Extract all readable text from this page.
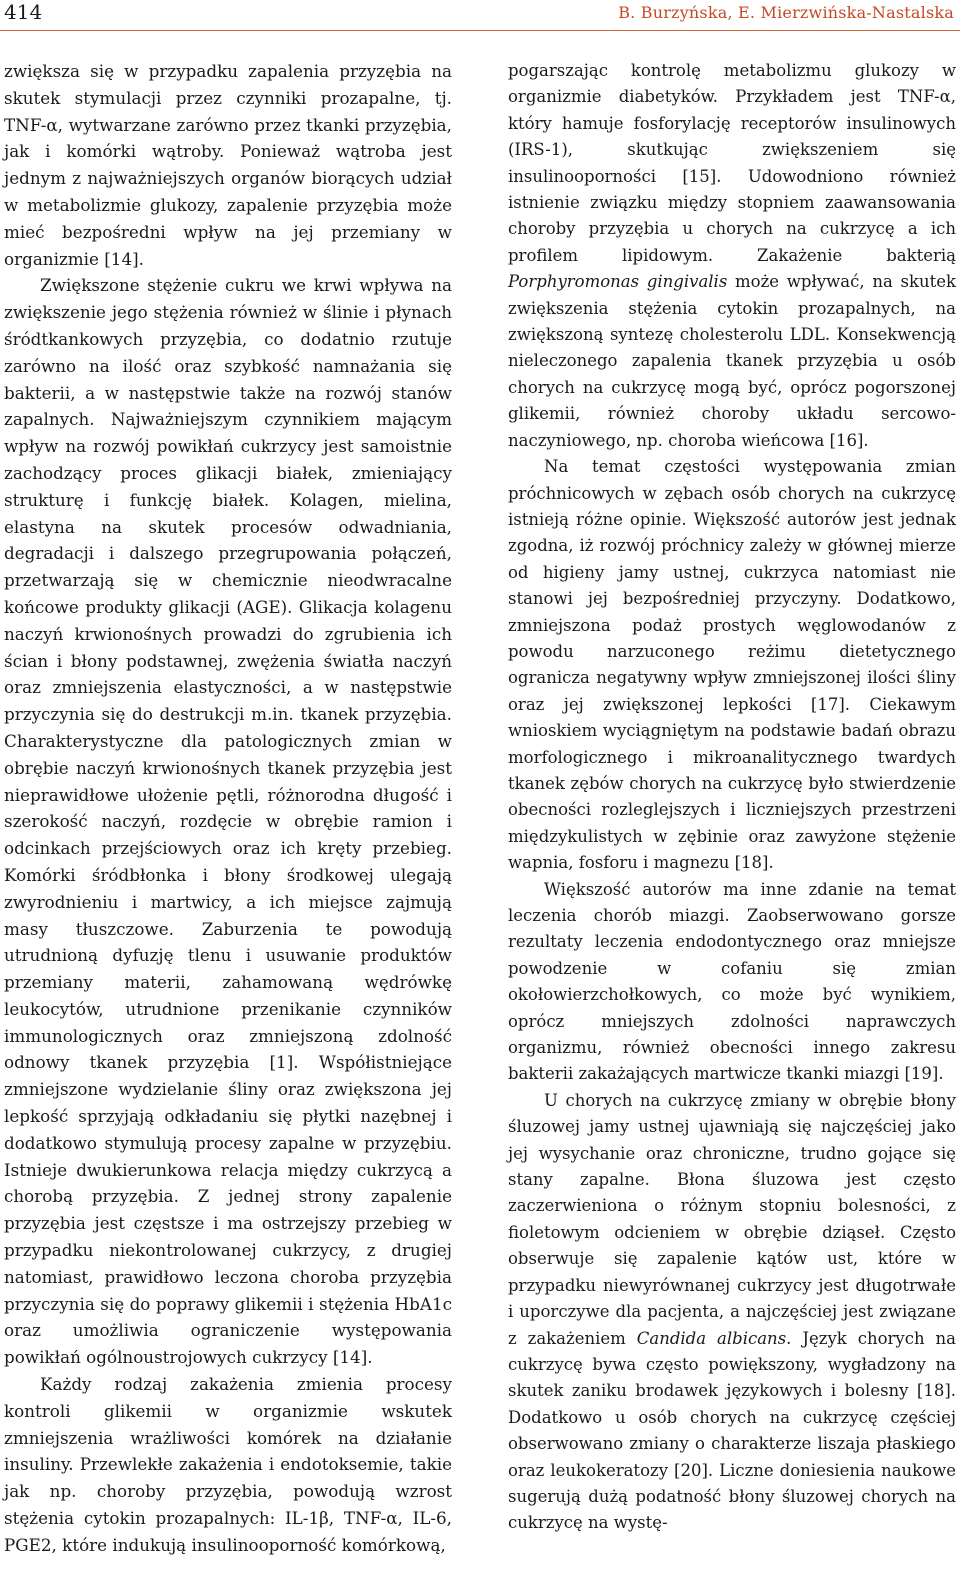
414	B. Burzyńska, E. Mierzwińska-Nastalska

zwiększa się w przypadku zapalenia przyzębia na skutek stymulacji przez czynniki prozapalne, tj. TNF-α, wytwarzane zarówno przez tkanki przyzębia, jak i komórki wątroby. Ponieważ wątroba jest jednym z najważniejszych organów biorących udział w metabolizmie glukozy, zapalenie przyzębia może mieć bezpośredni wpływ na jej przemiany w organizmie [14].

Zwiększone stężenie cukru we krwi wpływa na zwiększenie jego stężenia również w ślinie i płynach śródtkankowych przyzębia, co dodatnio rzutuje zarówno na ilość oraz szybkość namnażania się bakterii, a w następstwie także na rozwój stanów zapalnych. Najważniejszym czynnikiem mającym wpływ na rozwój powikłań cukrzycy jest samoistnie zachodzący proces glikacji białek, zmieniający strukturę i funkcję białek. Kolagen, mielina, elastyna na skutek procesów odwadniania, degradacji i dalszego przegrupowania połączeń, przetwarzają się w chemicznie nieodwracalne końcowe produkty glikacji (AGE). Glikacja kolagenu naczyń krwionośnych prowadzi do zgrubienia ich ścian i błony podstawnej, zwężenia światła naczyń oraz zmniejszenia elastyczności, a w następstwie przyczynia się do destrukcji m.in. tkanek przyzębia. Charakterystyczne dla patologicznych zmian w obrębie naczyń krwionośnych tkanek przyzębia jest nieprawidłowe ułożenie pętli, różnorodna długość i szerokość naczyń, rozdęcie w obrębie ramion i odcinkach przejściowych oraz ich kręty przebieg. Komórki śródbłonka i błony środkowej ulegają zwyrodnieniu i martwicy, a ich miejsce zajmują masy tłuszczowe. Zaburzenia te powodują utrudnioną dyfuzję tlenu i usuwanie produktów przemiany materii, zahamowaną wędrówkę leukocytów, utrudnione przenikanie czynników immunologicznych oraz zmniejszoną zdolność odnowy tkanek przyzębia [1]. Współistniejące zmniejszone wydzielanie śliny oraz zwiększona jej lepkość sprzyjają odkładaniu się płytki nazębnej i dodatkowo stymulują procesy zapalne w przyzębiu. Istnieje dwukierunkowa relacja między cukrzycą a chorobą przyzębia. Z jednej strony zapalenie przyzębia jest częstsze i ma ostrzejszy przebieg w przypadku niekontrolowanej cukrzycy, z drugiej natomiast, prawidłowo leczona choroba przyzębia przyczynia się do poprawy glikemii i stężenia HbA1c oraz umożliwia ograniczenie występowania powikłań ogólnoustrojowych cukrzycy [14].

Każdy rodzaj zakażenia zmienia procesy kontroli glikemii w organizmie wskutek zmniejszenia wrażliwości komórek na działanie insuliny. Przewlekłe zakażenia i endotoksemie, takie jak np. choroby przyzębia, powodują wzrost stężenia cytokin prozapalnych: IL-1β, TNF-α, IL-6, PGE2, które indukują insulinooporność komórkową,

pogarszając kontrolę metabolizmu glukozy w organizmie diabetyków. Przykładem jest TNF-α, który hamuje fosforylację receptorów insulinowych (IRS-1), skutkując zwiększeniem się insulinooporności [15]. Udowodniono również istnienie związku między stopniem zaawansowania choroby przyzębia u chorych na cukrzycę a ich profilem lipidowym. Zakażenie bakterią Porphyromonas gingivalis może wpływać, na skutek zwiększenia stężenia cytokin prozapalnych, na zwiększoną syntezę cholesterolu LDL. Konsekwencją nieleczonego zapalenia tkanek przyzębia u osób chorych na cukrzycę mogą być, oprócz pogorszonej glikemii, również choroby układu sercowo-naczyniowego, np. choroba wieńcowa [16].

Na temat częstości występowania zmian próchnicowych w zębach osób chorych na cukrzycę istnieją różne opinie. Większość autorów jest jednak zgodna, iż rozwój próchnicy zależy w głównej mierze od higieny jamy ustnej, cukrzyca natomiast nie stanowi jej bezpośredniej przyczyny. Dodatkowo, zmniejszona podaż prostych węglowodanów z powodu narzuconego reżimu dietetycznego ogranicza negatywny wpływ zmniejszonej ilości śliny oraz jej zwiększonej lepkości [17]. Ciekawym wnioskiem wyciągniętym na podstawie badań obrazu morfologicznego i mikroanalitycznego twardych tkanek zębów chorych na cukrzycę było stwierdzenie obecności rozleglejszych i liczniejszych przestrzeni międzykulistych w zębinie oraz zawyżone stężenie wapnia, fosforu i magnezu [18].

Większość autorów ma inne zdanie na temat leczenia chorób miazgi. Zaobserwowano gorsze rezultaty leczenia endodontycznego oraz mniejsze powodzenie w cofaniu się zmian okołowierzchołkowych, co może być wynikiem, oprócz mniejszych zdolności naprawczych organizmu, również obecności innego zakresu bakterii zakażających martwicze tkanki miazgi [19].

U chorych na cukrzycę zmiany w obrębie błony śluzowej jamy ustnej ujawniają się najczęściej jako jej wysychanie oraz chroniczne, trudno gojące się stany zapalne. Błona śluzowa jest często zaczerwieniona o różnym stopniu bolesności, z fioletowym odcieniem w obrębie dziąseł. Często obserwuje się zapalenie kątów ust, które w przypadku niewyrównanej cukrzycy jest długotrwałe i uporczywe dla pacjenta, a najczęściej jest związane z zakażeniem Candida albicans. Język chorych na cukrzycę bywa często powiększony, wygładzony na skutek zaniku brodawek językowych i bolesny [18]. Dodatkowo u osób chorych na cukrzycę częściej obserwowano zmiany o charakterze liszaja płaskiego oraz leukokeratozy [20]. Liczne doniesienia naukowe sugerują dużą podatność błony śluzowej chorych na cukrzycę na wystę-
